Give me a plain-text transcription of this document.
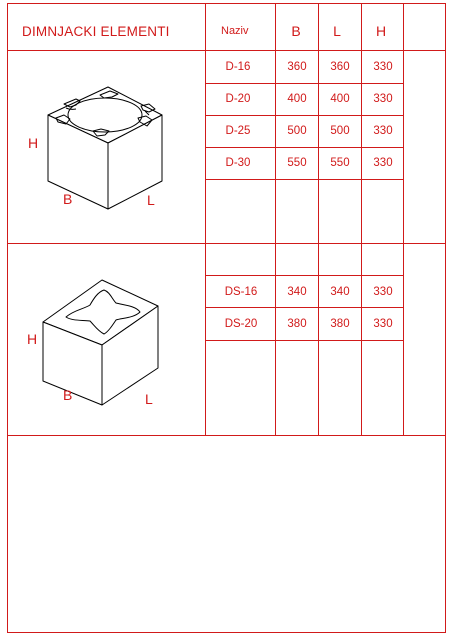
DIMNJACKI ELEMENTI	Naziv	B L	H
H
B	L
H
B	L
D-16	360 360 330
D-20	400 400 330
D-25	500 500 330
D-30	550 550 330
DS-16	340 340 330
DS-20	380 380 330
